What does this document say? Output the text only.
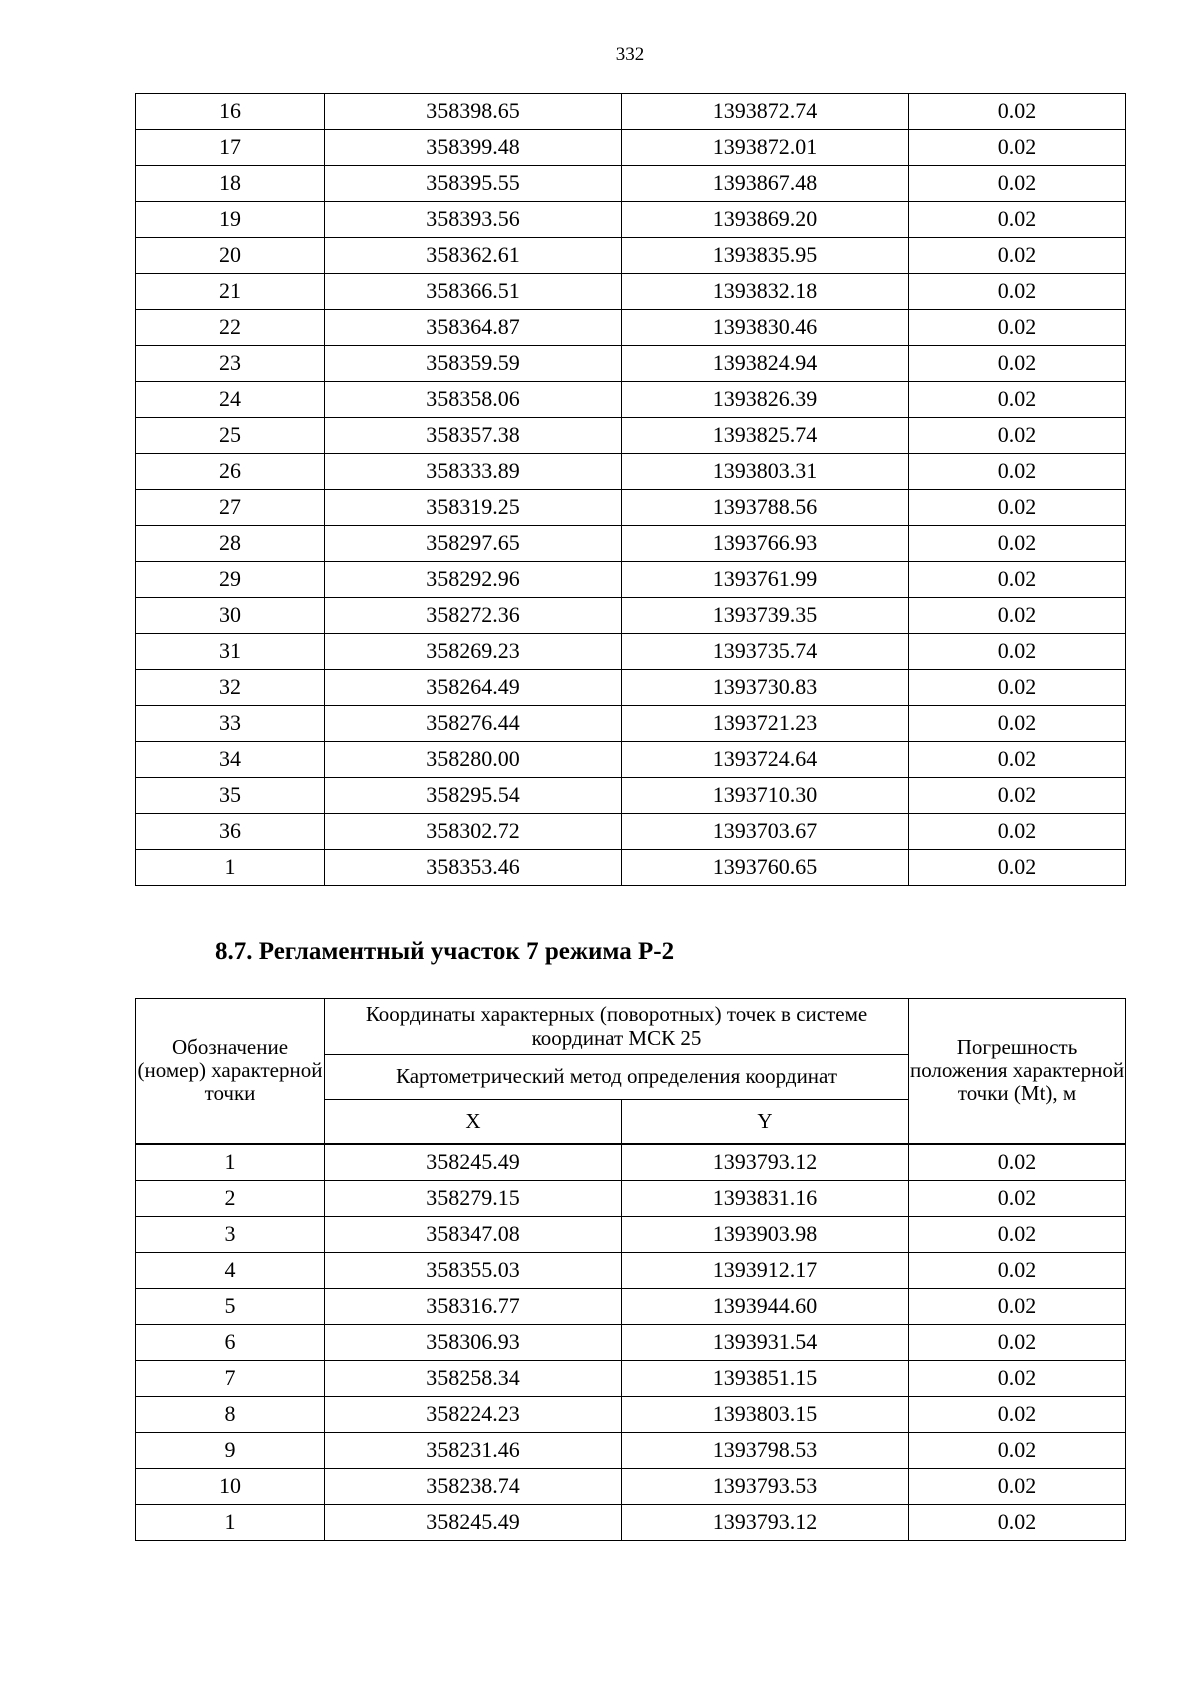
332
16	358398.65	1393872.74	0.02
17	358399.48	1393872.01	0.02
18	358395.55	1393867.48	0.02
19	358393.56	1393869.20	0.02
20	358362.61	1393835.95	0.02
21	358366.51	1393832.18	0.02
22	358364.87	1393830.46	0.02
23	358359.59	1393824.94	0.02
24	358358.06	1393826.39	0.02
25	358357.38	1393825.74	0.02
26	358333.89	1393803.31	0.02
27	358319.25	1393788.56	0.02
28	358297.65	1393766.93	0.02
29	358292.96	1393761.99	0.02
30	358272.36	1393739.35	0.02
31	358269.23	1393735.74	0.02
32	358264.49	1393730.83	0.02
33	358276.44	1393721.23	0.02
34	358280.00	1393724.64	0.02
35	358295.54	1393710.30	0.02
36	358302.72	1393703.67	0.02
1	358353.46	1393760.65	0.02
8.7. Регламентный участок 7 режима Р-2
Обозначение (номер) характерной точки	Координаты характерных (поворотных) точек в системе координат МСК 25		Погрешность положения характерной точки (Mt), м
	Картометрический метод определения координат		
	X	Y	
1	358245.49	1393793.12	0.02
2	358279.15	1393831.16	0.02
3	358347.08	1393903.98	0.02
4	358355.03	1393912.17	0.02
5	358316.77	1393944.60	0.02
6	358306.93	1393931.54	0.02
7	358258.34	1393851.15	0.02
8	358224.23	1393803.15	0.02
9	358231.46	1393798.53	0.02
10	358238.74	1393793.53	0.02
1	358245.49	1393793.12	0.02
